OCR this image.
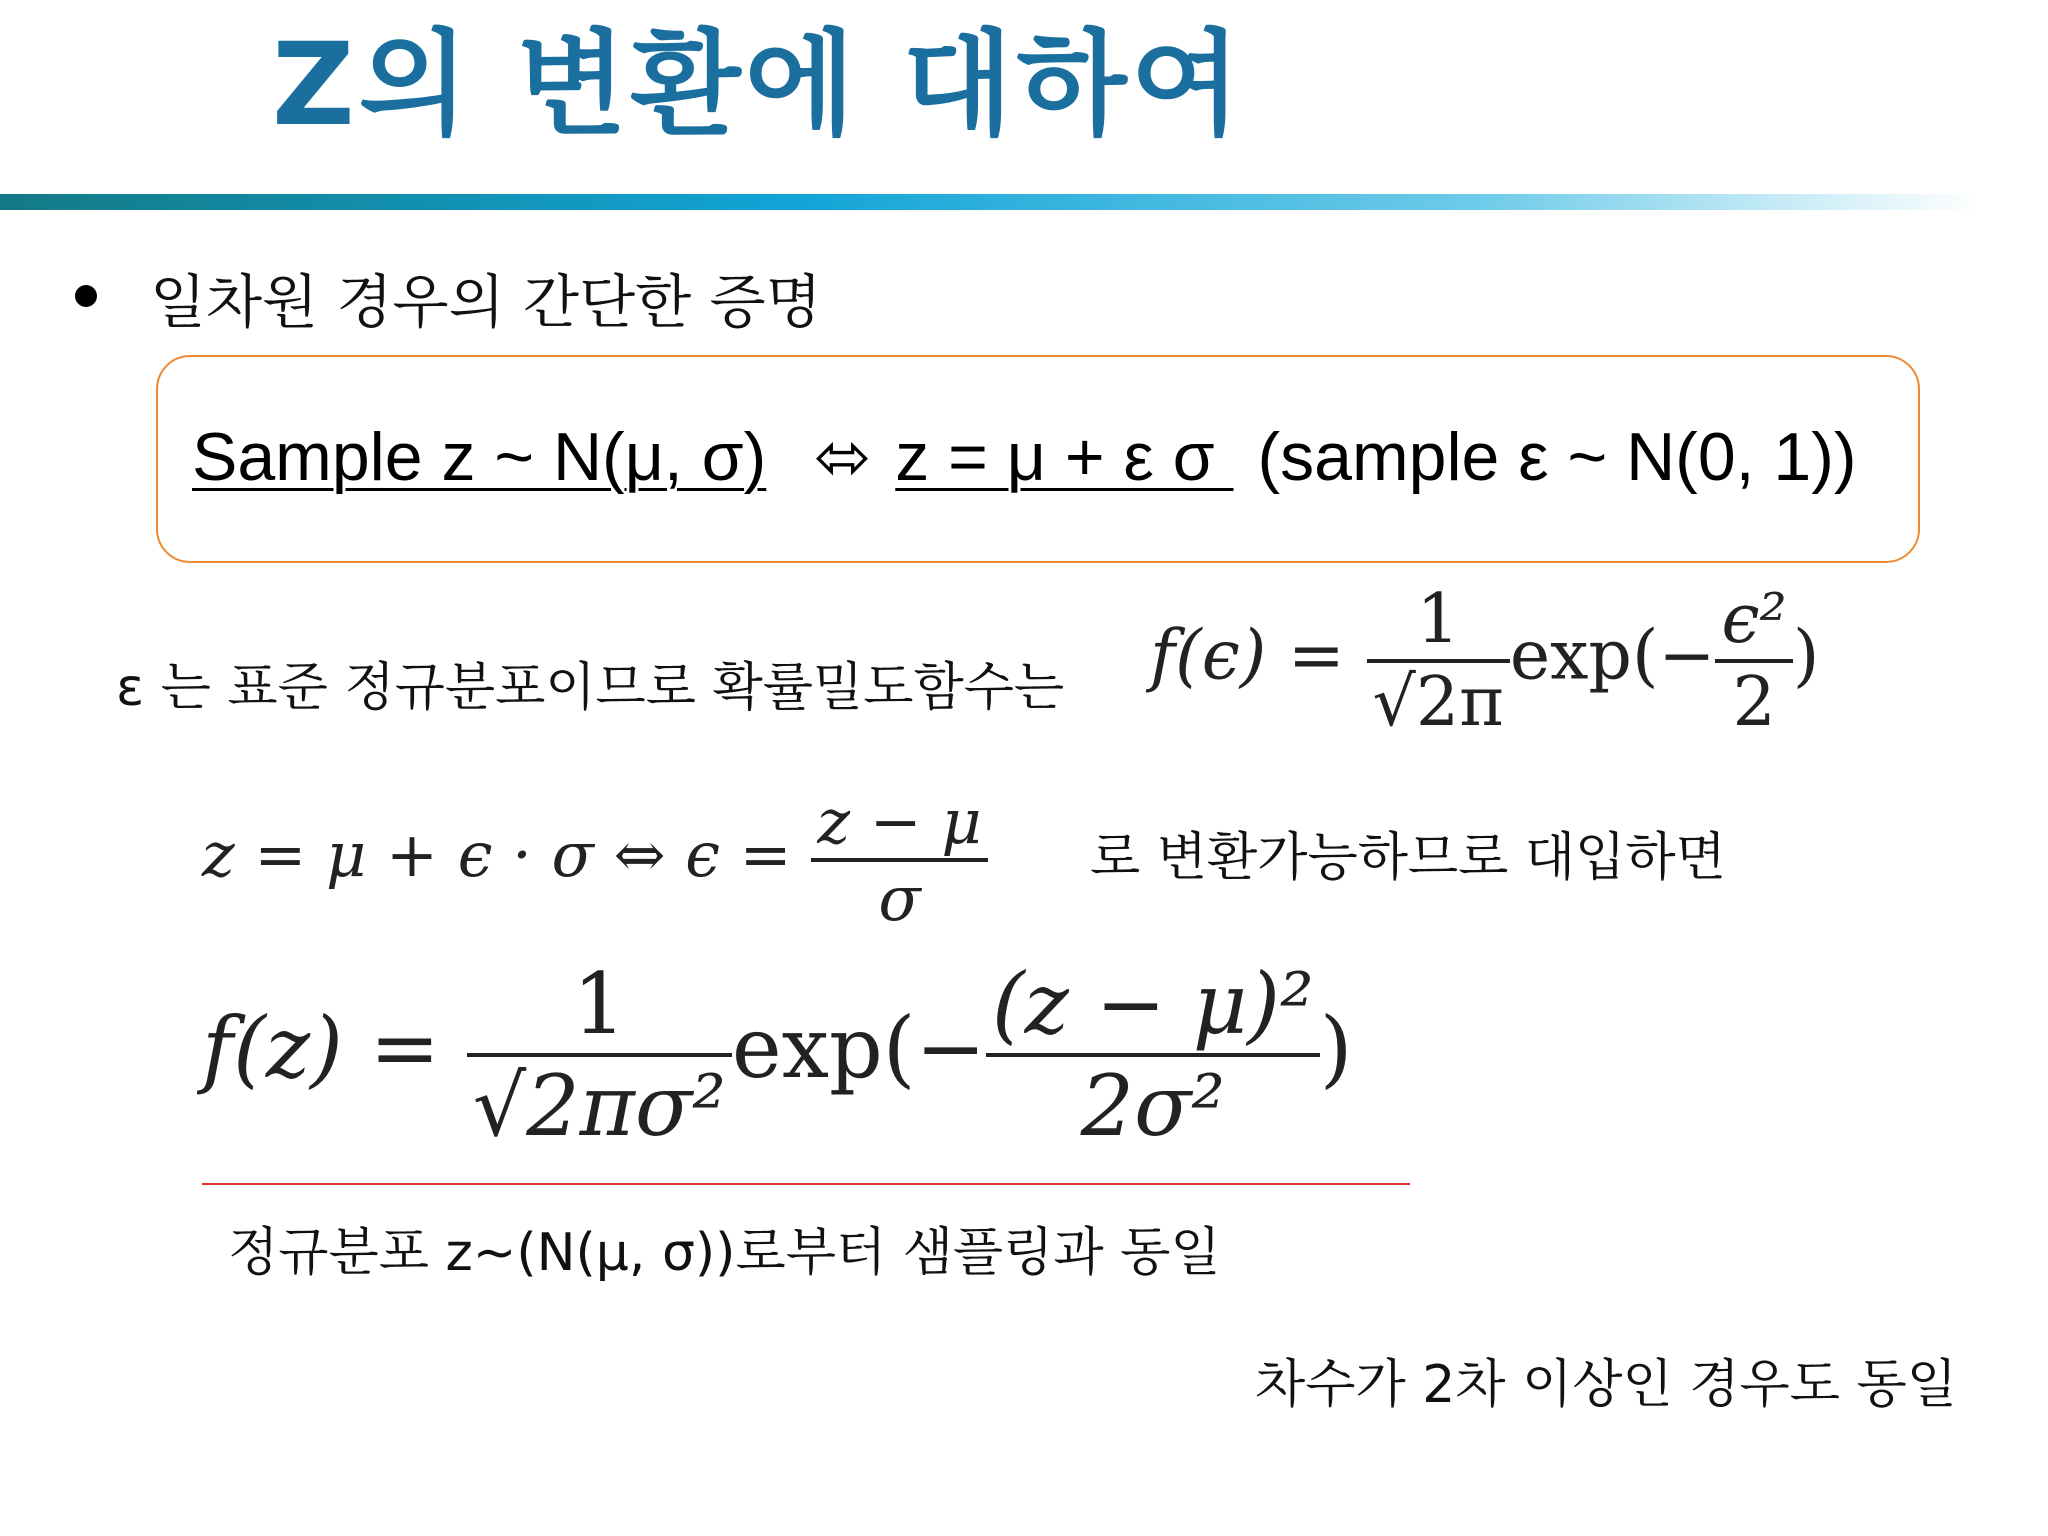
Z의 변환에 대하여
일차원 경우의 간단한 증명
Sample z ~ N(μ, σ) ⬄ z = μ + ε σ (sample ε ~ N(0, 1))
ε 는 표준 정규분포이므로 확률밀도함수는 $f(\epsilon) = \frac{1}{√2\pi} \exp(- \frac{\text{ϵ²}}{2}$ )
z = μ + ϵ · σ ⇔ $\epsilon = \frac{z - \mu}{\sigma}$ 로 변환가능하므로 대입하면
$f(z) = \frac{1}{\text{√2πσ²}} \exp(- \frac{\text{(z − μ)²}}{\text{2σ²}}$ )
정규분포 z~(N(μ, σ))로부터 샘플링과 동일
차수가 2차 이상인 경우도 동일
